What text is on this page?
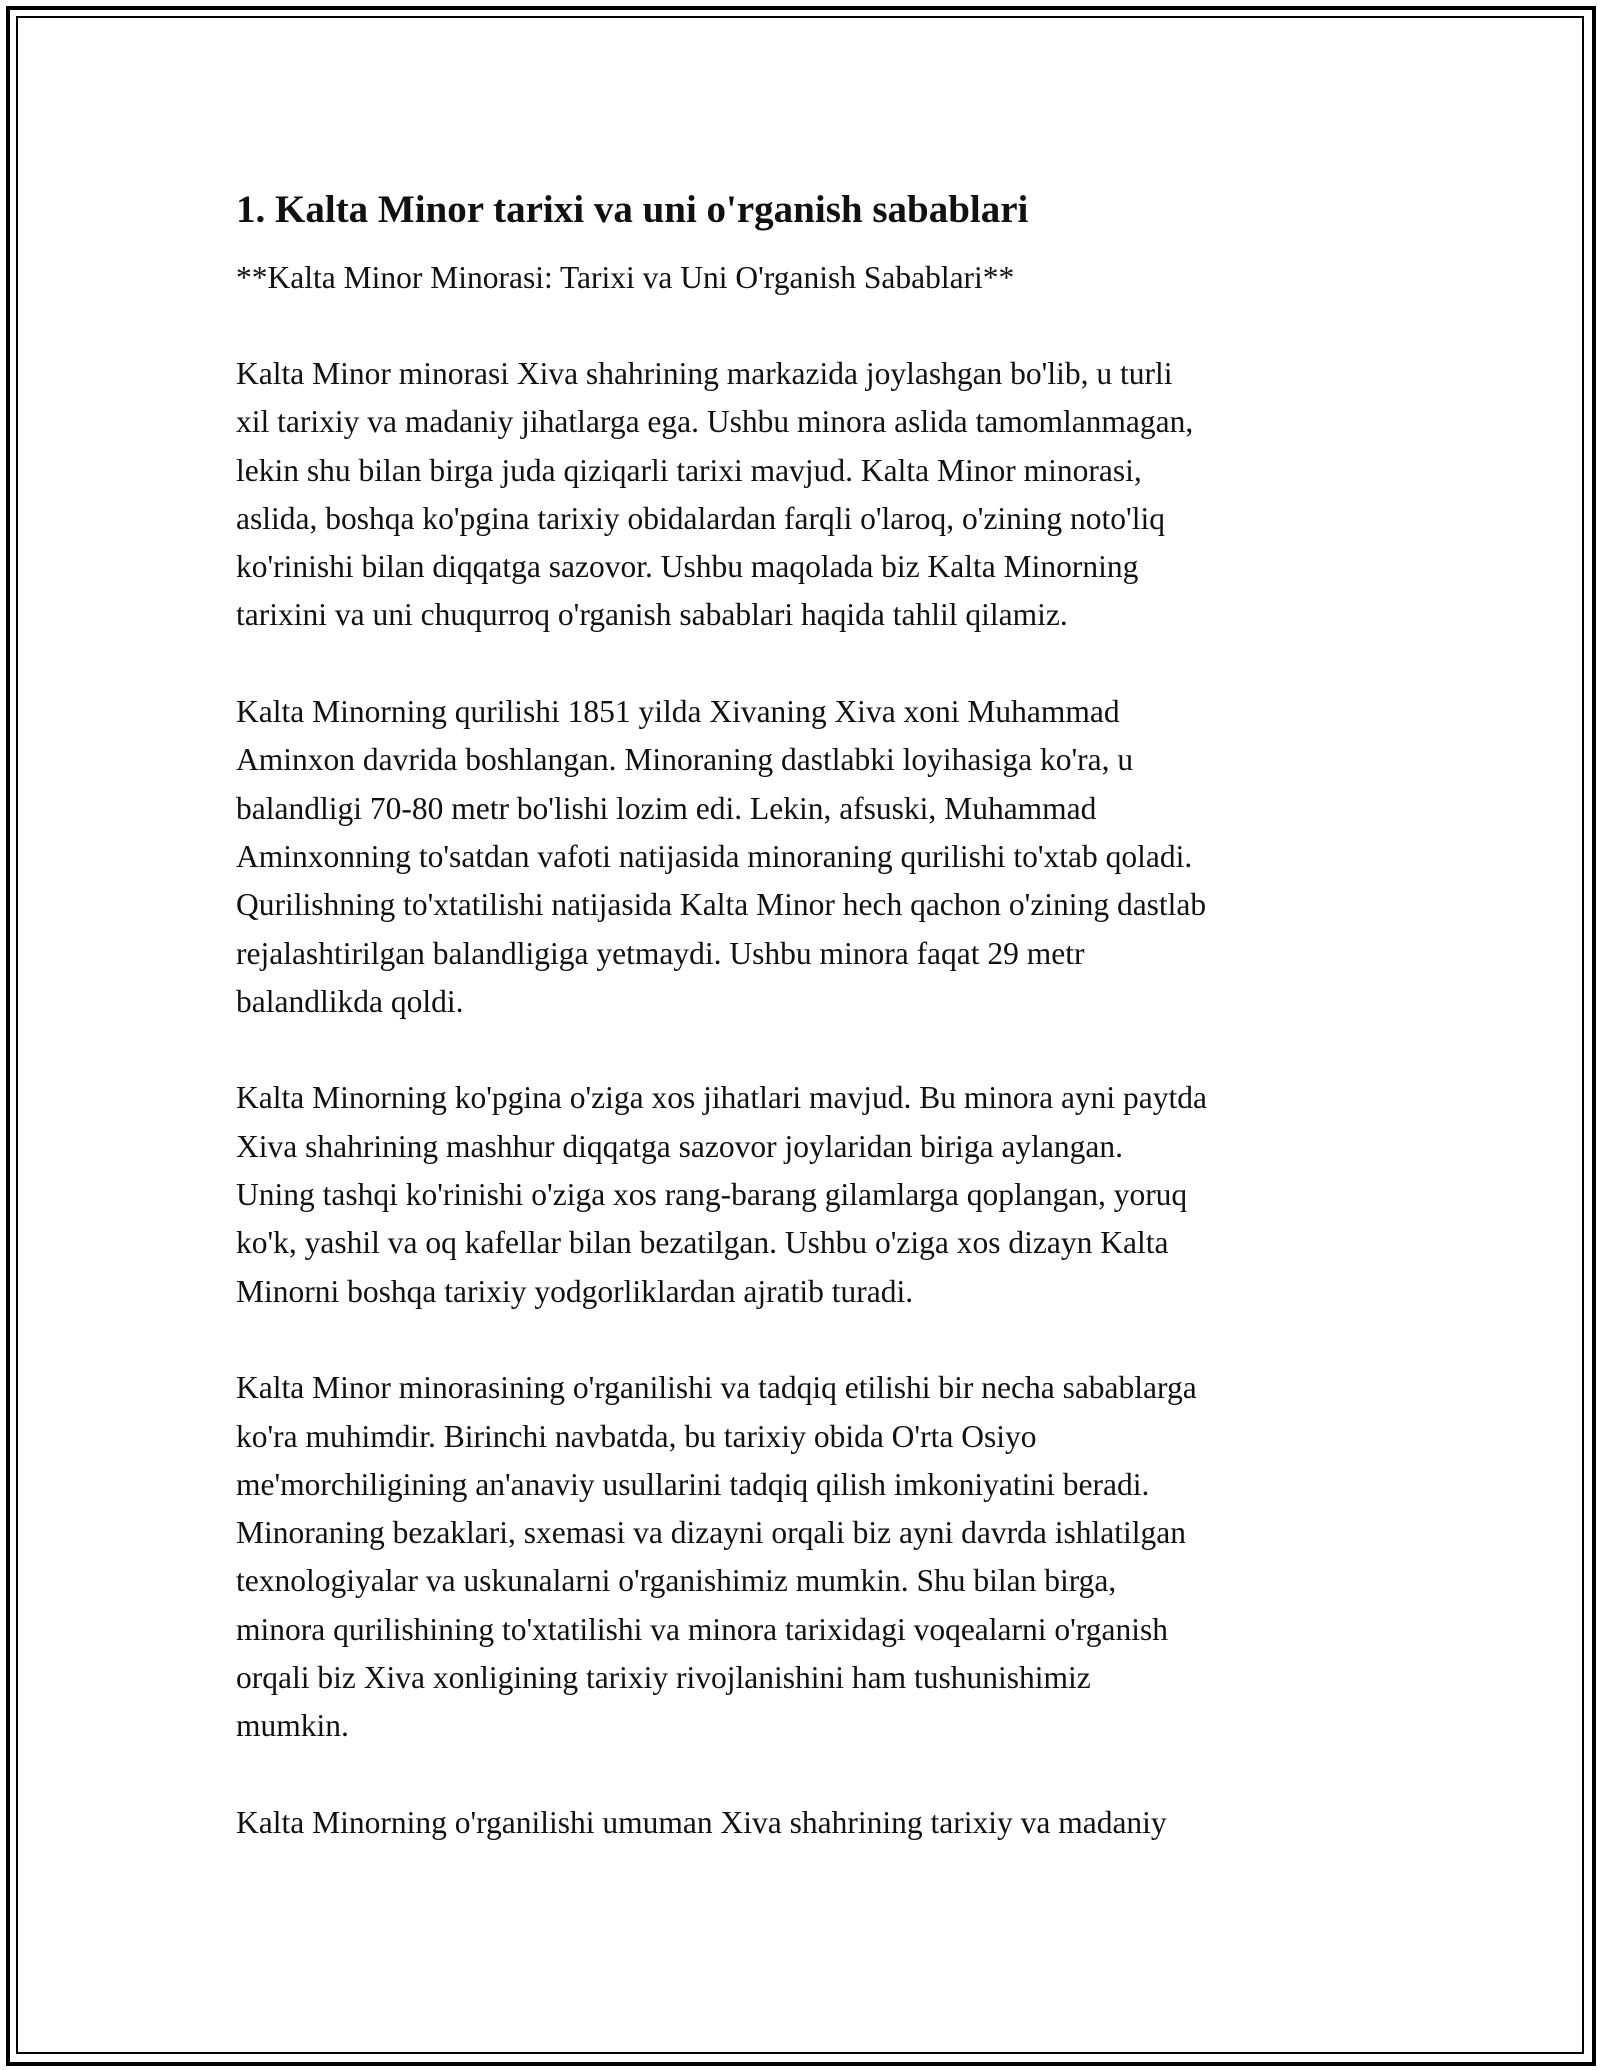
1. Kalta Minor tarixi va uni o'rganish sabablari

**Kalta Minor Minorasi: Tarixi va Uni O'rganish Sabablari**

Kalta Minor minorasi Xiva shahrining markazida joylashgan bo'lib, u turli
xil tarixiy va madaniy jihatlarga ega. Ushbu minora aslida tamomlanmagan,
lekin shu bilan birga juda qiziqarli tarixi mavjud. Kalta Minor minorasi,
aslida, boshqa ko'pgina tarixiy obidalardan farqli o'laroq, o'zining noto'liq
ko'rinishi bilan diqqatga sazovor. Ushbu maqolada biz Kalta Minorning
tarixini va uni chuqurroq o'rganish sabablari haqida tahlil qilamiz.

Kalta Minorning qurilishi 1851 yilda Xivaning Xiva xoni Muhammad
Aminxon davrida boshlangan. Minoraning dastlabki loyihasiga ko'ra, u
balandligi 70-80 metr bo'lishi lozim edi. Lekin, afsuski, Muhammad
Aminxonning to'satdan vafoti natijasida minoraning qurilishi to'xtab qoladi.
Qurilishning to'xtatilishi natijasida Kalta Minor hech qachon o'zining dastlab
rejalashtirilgan balandligiga yetmaydi. Ushbu minora faqat 29 metr
balandlikda qoldi.

Kalta Minorning ko'pgina o'ziga xos jihatlari mavjud. Bu minora ayni paytda
Xiva shahrining mashhur diqqatga sazovor joylaridan biriga aylangan.
Uning tashqi ko'rinishi o'ziga xos rang-barang gilamlarga qoplangan, yoruq
ko'k, yashil va oq kafellar bilan bezatilgan. Ushbu o'ziga xos dizayn Kalta
Minorni boshqa tarixiy yodgorliklardan ajratib turadi.

Kalta Minor minorasining o'rganilishi va tadqiq etilishi bir necha sabablarga
ko'ra muhimdir. Birinchi navbatda, bu tarixiy obida O'rta Osiyo
me'morchiligining an'anaviy usullarini tadqiq qilish imkoniyatini beradi.
Minoraning bezaklari, sxemasi va dizayni orqali biz ayni davrda ishlatilgan
texnologiyalar va uskunalarni o'rganishimiz mumkin. Shu bilan birga,
minora qurilishining to'xtatilishi va minora tarixidagi voqealarni o'rganish
orqali biz Xiva xonligining tarixiy rivojlanishini ham tushunishimiz
mumkin.

Kalta Minorning o'rganilishi umuman Xiva shahrining tarixiy va madaniy
